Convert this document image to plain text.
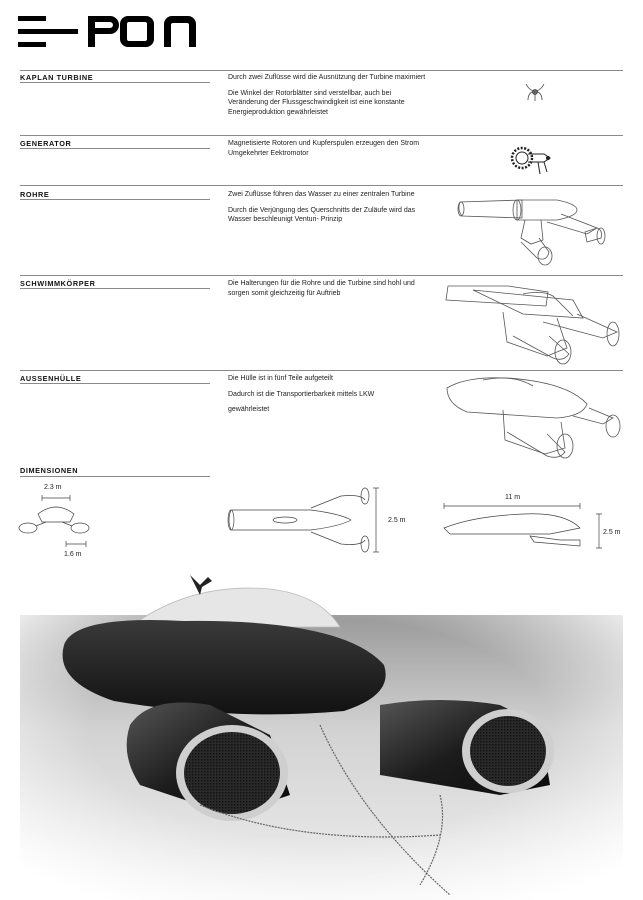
KAPLAN TURBINE	Durch zwei Zuflüsse wird die Ausnützung der Turbine maximiert

Die Winkel der Rotorblätter sind verstellbar, auch bei Veränderung der Flussgeschwindigkeit ist eine konstante Energieproduktion gewährleistet

GENERATOR	Magnetisierte Rotoren und Kupferspulen erzeugen den Strom

Umgekehrter Eektromotor

ROHRE	Zwei Zuflüsse führen das Wasser zu einer zentralen Turbine

Durch die Verjüngung des Querschnitts der Zuläufe wird das Wasser beschleunigt Venturi- Prinzip

SCHWIMMKÖRPER	Die Halterungen für die Rohre und die Turbine sind hohl und sorgen somit gleichzeitig für Auftrieb

AUSSENHÜLLE	Die Hülle ist in fünf Teile aufgeteilt

Dadurch ist die Transportierbarkeit mittels LKW

gewährleistet

DIMENSIONEN
2.3 m
1.6 m
2.5 m
11 m
2.5 m
